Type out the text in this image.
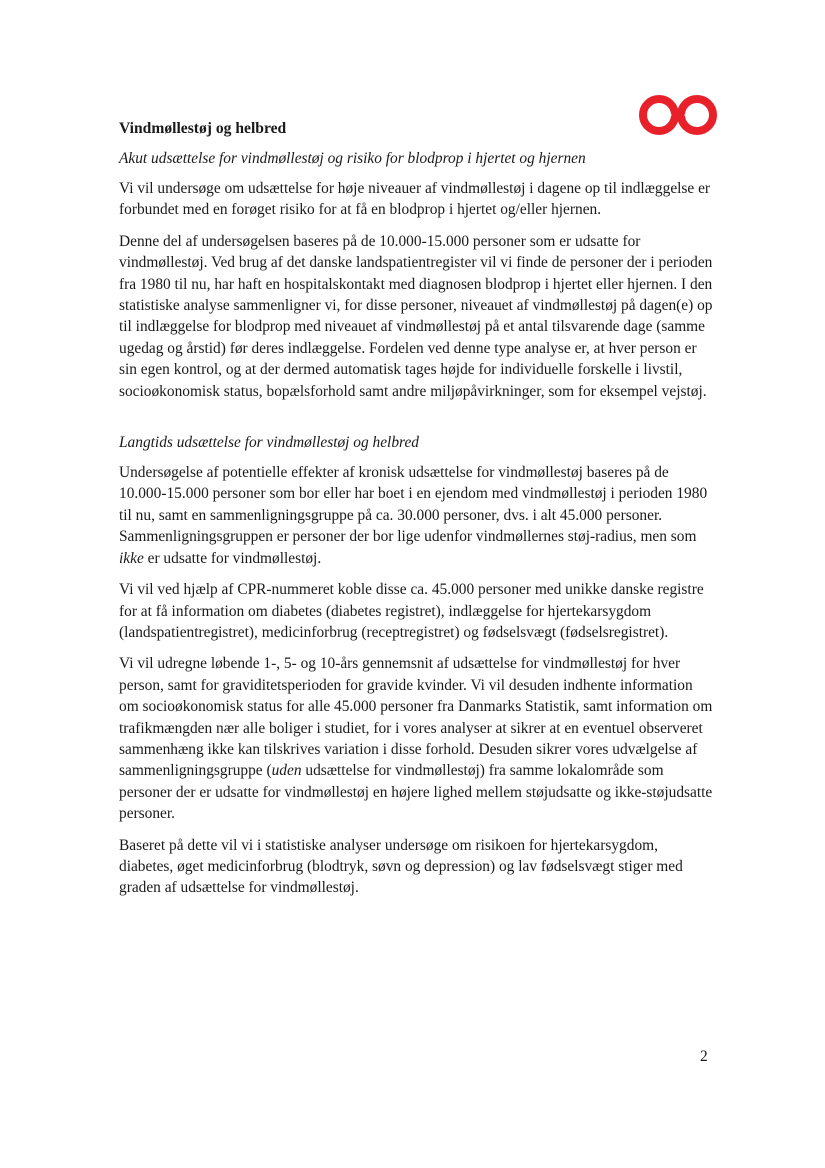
Vindmøllestøj og helbred
Akut udsættelse for vindmøllestøj og risiko for blodprop i hjertet og hjernen

Vi vil undersøge om udsættelse for høje niveauer af vindmøllestøj i dagene op til indlæggelse er forbundet med en forøget risiko for at få en blodprop i hjertet og/eller hjernen.

Denne del af undersøgelsen baseres på de 10.000-15.000 personer som er udsatte for vindmøllestøj. Ved brug af det danske landspatientregister vil vi finde de personer der i perioden fra 1980 til nu, har haft en hospitalskontakt med diagnosen blodprop i hjertet eller hjernen. I den statistiske analyse sammenligner vi, for disse personer, niveauet af vindmøllestøj på dagen(e) op til indlæggelse for blodprop med niveauet af vindmøllestøj på et antal tilsvarende dage (samme ugedag og årstid) før deres indlæggelse. Fordelen ved denne type analyse er, at hver person er sin egen kontrol, og at der dermed automatisk tages højde for individuelle forskelle i livstil, socioøkonomisk status, bopælsforhold samt andre miljøpåvirkninger, som for eksempel vejstøj.

Langtids udsættelse for vindmøllestøj og helbred

Undersøgelse af potentielle effekter af kronisk udsættelse for vindmøllestøj baseres på de 10.000-15.000 personer som bor eller har boet i en ejendom med vindmøllestøj i perioden 1980 til nu, samt en sammenligningsgruppe på ca. 30.000 personer, dvs. i alt 45.000 personer. Sammenligningsgruppen er personer der bor lige udenfor vindmøllernes støj-radius, men som ikke er udsatte for vindmøllestøj.

Vi vil ved hjælp af CPR-nummeret koble disse ca. 45.000 personer med unikke danske registre for at få information om diabetes (diabetes registret), indlæggelse for hjertekarsygdom (landspatientregistret), medicinforbrug (receptregistret) og fødselsvægt (fødselsregistret).

Vi vil udregne løbende 1-, 5- og 10-års gennemsnit af udsættelse for vindmøllestøj for hver person, samt for graviditetsperioden for gravide kvinder. Vi vil desuden indhente information om socioøkonomisk status for alle 45.000 personer fra Danmarks Statistik, samt information om trafikmængden nær alle boliger i studiet, for i vores analyser at sikrer at en eventuel observeret sammenhæng ikke kan tilskrives variation i disse forhold. Desuden sikrer vores udvælgelse af sammenligningsgruppe (uden udsættelse for vindmøllestøj) fra samme lokalområde som personer der er udsatte for vindmøllestøj en højere lighed mellem støjudsatte og ikke-støjudsatte personer.

Baseret på dette vil vi i statistiske analyser undersøge om risikoen for hjertekarsygdom, diabetes, øget medicinforbrug (blodtryk, søvn og depression) og lav fødselsvægt stiger med graden af udsættelse for vindmøllestøj.

2
